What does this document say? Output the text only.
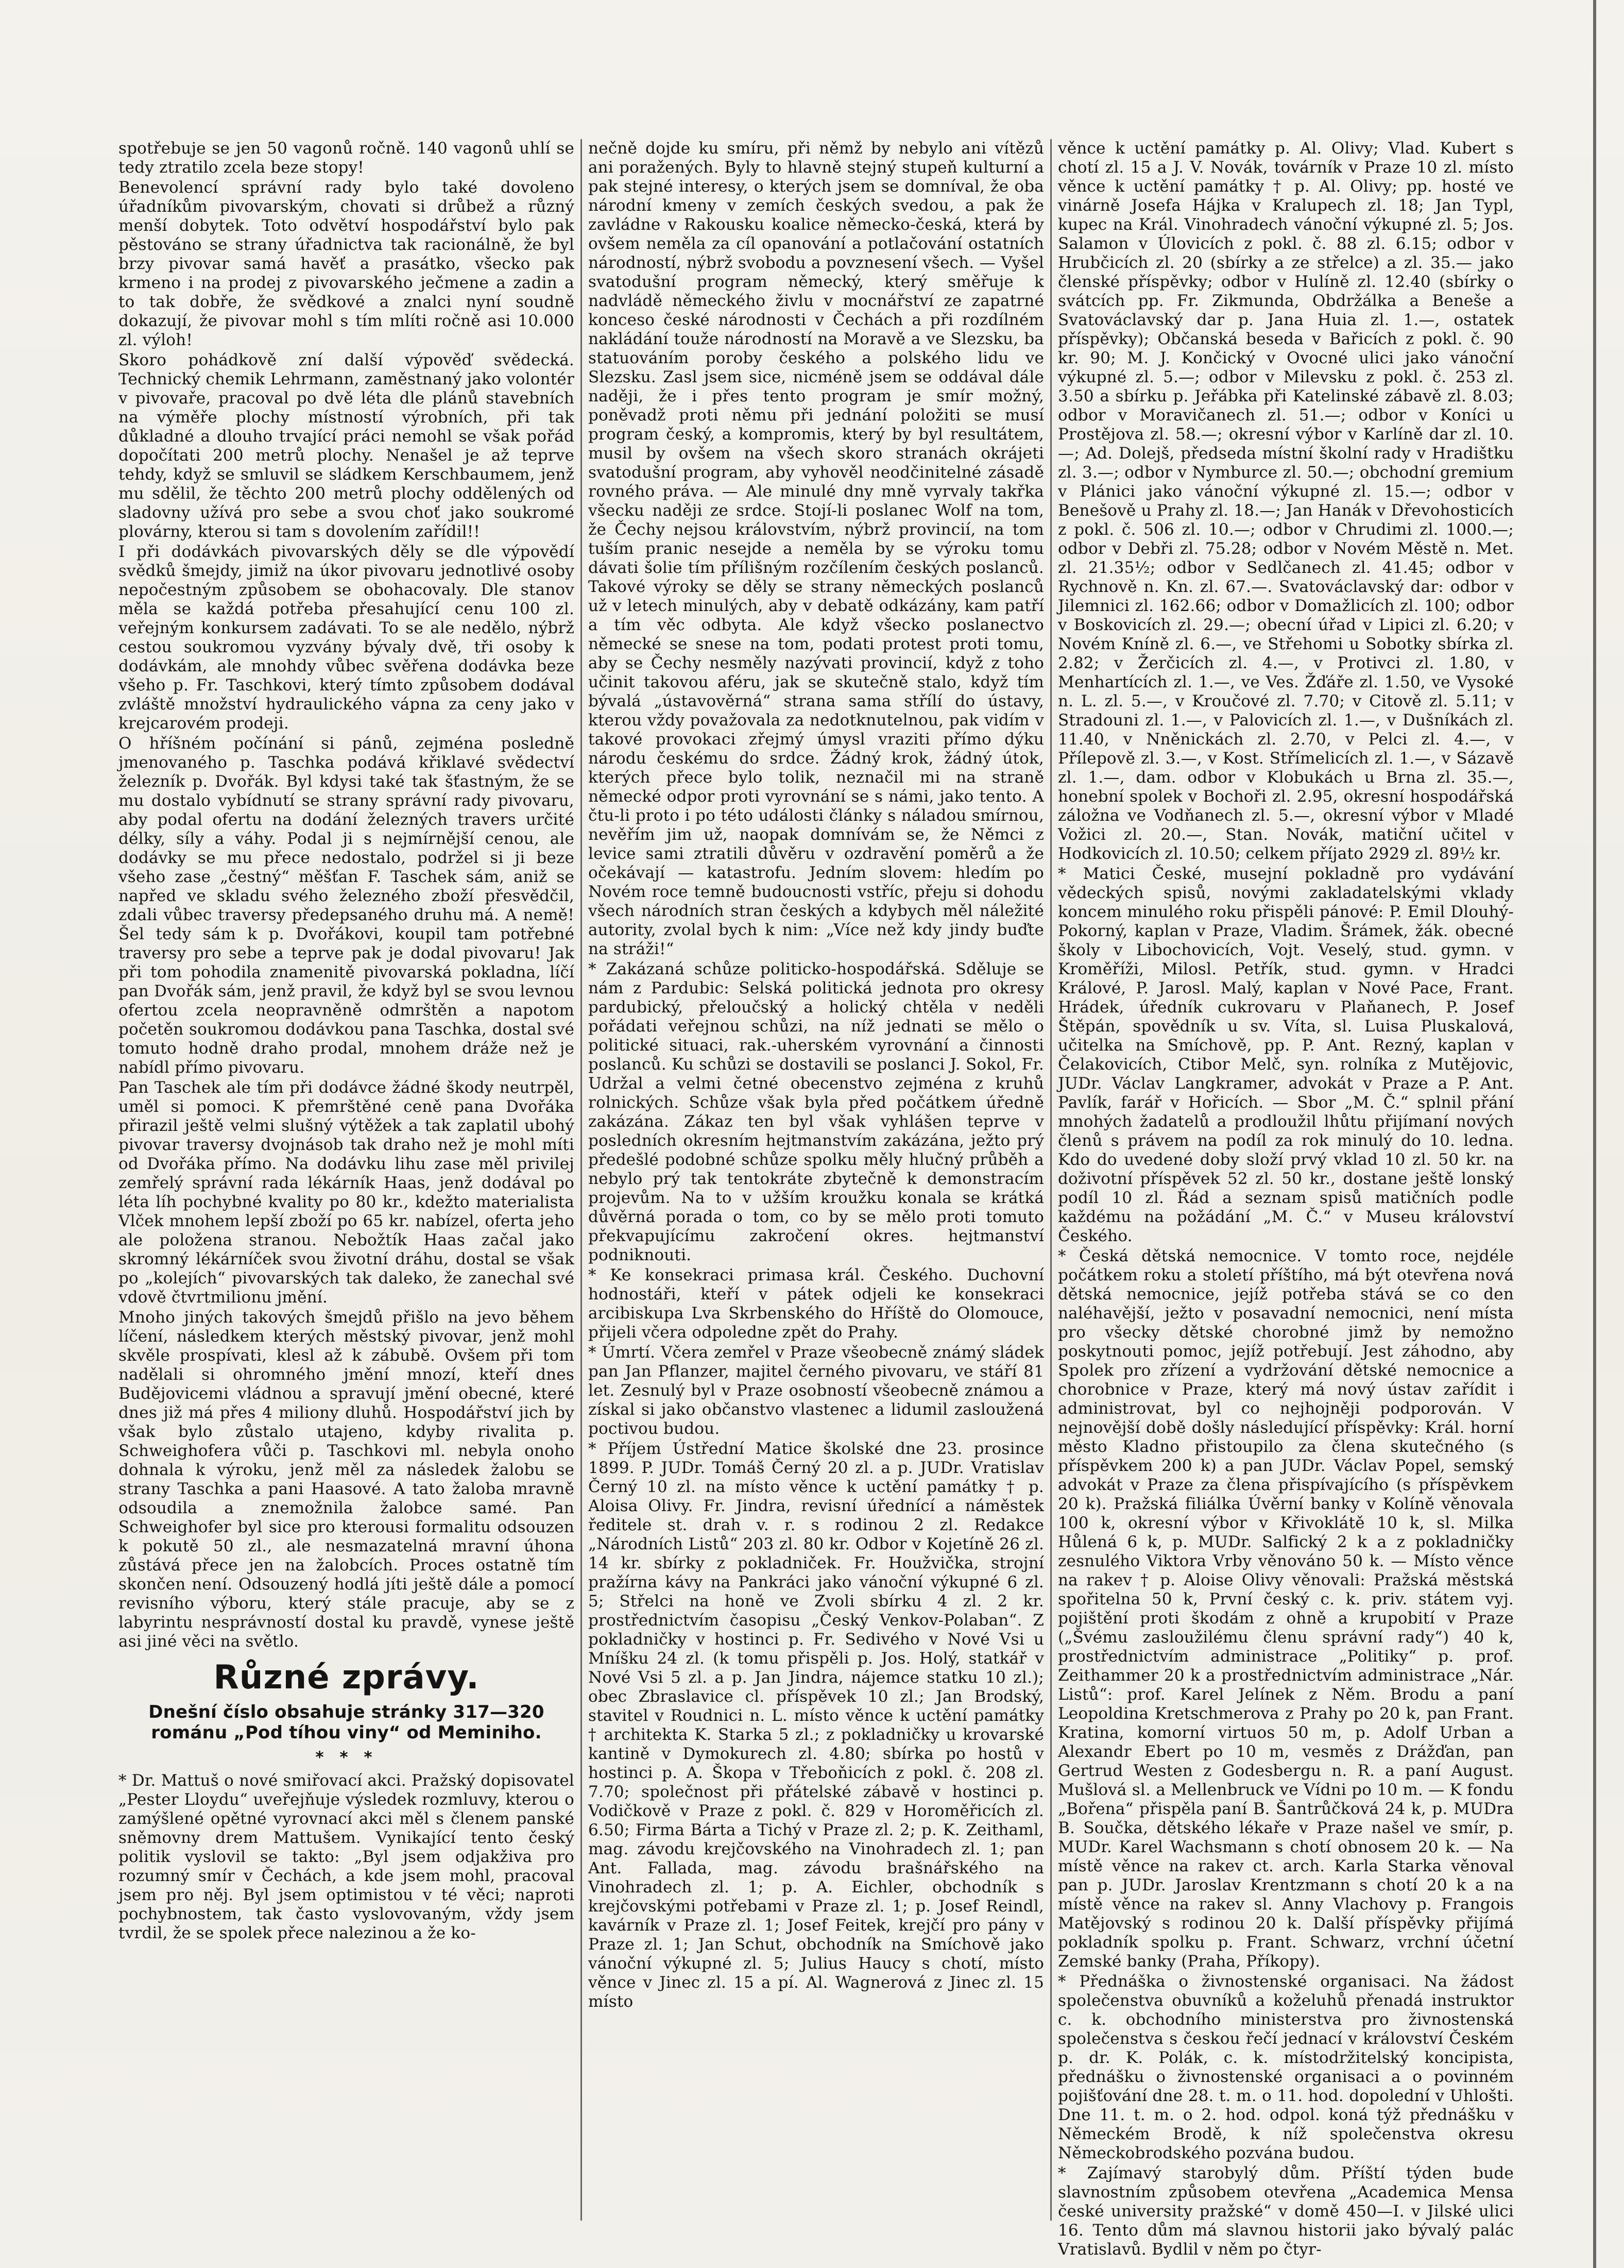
spotřebuje se jen 50 vagonů ročně. 140 vagonů uhlí se tedy ztratilo zcela beze stopy!

Benevolencí správní rady bylo také dovoleno úřadníkům pivovarským, chovati si drůbež a různý menší dobytek. Toto odvětví hospodářství bylo pak pěstováno se strany úřadnictva tak racionálně, že byl brzy pivovar samá havěť a prasátko, všecko pak krmeno i na prodej z pivovarského ječmene a zadin a to tak dobře, že svědkové a znalci nyní soudně dokazují, že pivovar mohl s tím mlíti ročně asi 10.000 zl. výloh!

Skoro pohádkově zní další výpověď svědecká. Technický chemik Lehrmann, zaměstnaný jako volontér v pivovaře, pracoval po dvě léta dle plánů stavebních na výměře plochy místností výrobních, při tak důkladné a dlouho trvající práci nemohl se však pořád dopočítati 200 metrů plochy. Nenašel je až teprve tehdy, když se smluvil se sládkem Kerschbaumem, jenž mu sdělil, že těchto 200 metrů plochy oddělených od sladovny užívá pro sebe a svou choť jako soukromé plovárny, kterou si tam s dovolením zařídil!!

I při dodávkách pivovarských děly se dle výpovědí svědků šmejdy, jimiž na úkor pivovaru jednotlivé osoby nepočestným způsobem se obohacovaly. Dle stanov měla se každá potřeba přesahující cenu 100 zl. veřejným konkursem zadávati. To se ale nedělo, nýbrž cestou soukromou vyzvány bývaly dvě, tři osoby k dodávkám, ale mnohdy vůbec svěřena dodávka beze všeho p. Fr. Taschkovi, který tímto způsobem dodával zvláště množství hydraulického vápna za ceny jako v krejcarovém prodeji.

O hříšném počínání si pánů, zejména posledně jmenovaného p. Taschka podává křiklavé svědectví železník p. Dvořák. Byl kdysi také tak šťastným, že se mu dostalo vybídnutí se strany správní rady pivovaru, aby podal ofertu na dodání železných travers určité délky, síly a váhy. Podal ji s nejmírnější cenou, ale dodávky se mu přece nedostalo, podržel si ji beze všeho zase „čestný“ měšťan F. Taschek sám, aniž se napřed ve skladu svého železného zboží přesvědčil, zdali vůbec traversy předepsaného druhu má. A nemě! Šel tedy sám k p. Dvořákovi, koupil tam potřebné traversy pro sebe a teprve pak je dodal pivovaru! Jak při tom pohodila znamenitě pivovarská pokladna, líčí pan Dvořák sám, jenž pravil, že když byl se svou levnou ofertou zcela neopravněně odmrštěn a napotom početěn soukromou dodávkou pana Taschka, dostal své tomuto hodně draho prodal, mnohem dráže než je nabídl přímo pivovaru.

Pan Taschek ale tím při dodávce žádné škody neutrpěl, uměl si pomoci. K přemrštěné ceně pana Dvořáka přirazil ještě velmi slušný výtěžek a tak zaplatil ubohý pivovar traversy dvojnásob tak draho než je mohl míti od Dvořáka přímo. Na dodávku lihu zase měl privilej zemřelý správní rada lékárník Haas, jenž dodával po léta líh pochybné kvality po 80 kr., kdežto materialista Vlček mnohem lepší zboží po 65 kr. nabízel, oferta jeho ale položena stranou. Nebožtík Haas začal jako skromný lékárníček svou životní dráhu, dostal se však po „kolejích“ pivovarských tak daleko, že zanechal své vdově čtvrtmilionu jmění.

Mnoho jiných takových šmejdů přišlo na jevo během líčení, následkem kterých městský pivovar, jenž mohl skvěle prospívati, klesl až k zábubě. Ovšem při tom nadělali si ohromného jmění mnozí, kteří dnes Budějovicemi vládnou a spravují jmění obecné, které dnes již má přes 4 miliony dluhů. Hospodářství jich by však bylo zůstalo utajeno, kdyby rivalita p. Schweighofera vůči p. Taschkovi ml. nebyla onoho dohnala k výroku, jenž měl za následek žalobu se strany Taschka a pani Haasové. A tato žaloba mravně odsoudila a znemožnila žalobce samé. Pan Schweighofer byl sice pro kterousi formalitu odsouzen k pokutě 50 zl., ale nesmazatelná mravní úhona zůstává přece jen na žalobcích. Proces ostatně tím skončen není. Odsouzený hodlá jíti ještě dále a pomocí revisního výboru, který stále pracuje, aby se z labyrintu nesprávností dostal ku pravdě, vynese ještě asi jiné věci na světlo.

Různé zprávy.
Dnešní číslo obsahuje stránky 317—320 románu „Pod tíhou viny“ od Meminiho.
* * *

* Dr. Mattuš o nové smiřovací akci. Pražský dopisovatel „Pester Lloydu“ uveřejňuje výsledek rozmluvy, kterou o zamýšlené opětné vyrovnací akci měl s členem panské sněmovny drem Mattušem. Vynikající tento český politik vyslovil se takto: „Byl jsem odjakživa pro rozumný smír v Čechách, a kde jsem mohl, pracoval jsem pro něj. Byl jsem optimistou v té věci; naproti pochybnostem, tak často vyslovovaným, vždy jsem tvrdil, že se spolek přece nalezinou a že ko-

nečně dojde ku smíru, při němž by nebylo ani vítězů ani poražených. Byly to hlavně stejný stupeň kulturní a pak stejné interesy, o kterých jsem se domníval, že oba národní kmeny v zemích českých svedou, a pak že zavládne v Rakousku koalice německo-česká, která by ovšem neměla za cíl opanování a potlačování ostatních národností, nýbrž svobodu a povznesení všech. — Vyšel svatodušní program německý, který směřuje k nadvládě německého živlu v mocnářství ze zapatrné konceso české národnosti v Čechách a při rozdílném nakládání touže národností na Moravě a ve Slezsku, ba statuováním poroby českého a polského lidu ve Slezsku. Zasl jsem sice, nicméně jsem se oddával dále naději, že i přes tento program je smír možný, poněvadž proti němu při jednání položiti se musí program český, a kompromis, který by byl resultátem, musil by ovšem na všech skoro stranách okrájeti svatodušní program, aby vyhověl neodčinitelné zásadě rovného práva. — Ale minulé dny mně vyrvaly takřka všecku naději ze srdce. Stojí-li poslanec Wolf na tom, že Čechy nejsou královstvím, nýbrž provincií, na tom tuším pranic nesejde a neměla by se výroku tomu dávati šolie tím přílišným rozčílením českých poslanců. Takové výroky se děly se strany německých poslanců už v letech minulých, aby v debatě odkázány, kam patří a tím věc odbyta. Ale když všecko poslanectvo německé se snese na tom, podati protest proti tomu, aby se Čechy nesměly nazývati provincií, když z toho učinit takovou aféru, jak se skutečně stalo, když tím bývalá „ústavověrná“ strana sama střílí do ústavy, kterou vždy považovala za nedotknutelnou, pak vidím v takové provokaci zřejmý úmysl vraziti přímo dýku národu českému do srdce. Žádný krok, žádný útok, kterých přece bylo tolik, neznačil mi na straně německé odpor proti vyrovnání se s námi, jako tento. A čtu-li proto i po této události články s náladou smírnou, nevěřím jim už, naopak domnívám se, že Němci z levice sami ztratili důvěru v ozdravění poměrů a že očekávají — katastrofu. Jedním slovem: hledím po Novém roce temně budoucnosti vstříc, přeju si dohodu všech národních stran českých a kdybych měl náležité autority, zvolal bych k nim: „Více než kdy jindy buďte na stráži!“

* Zakázaná schůze politicko-hospodářská. Sděluje se nám z Pardubic: Selská politická jednota pro okresy pardubický, přeloučský a holický chtěla v neděli pořádati veřejnou schůzi, na níž jednati se mělo o politické situaci, rak.-uherském vyrovnání a činnosti poslanců. Ku schůzi se dostavili se poslanci J. Sokol, Fr. Udržal a velmi četné obecenstvo zejména z kruhů rolnických. Schůze však byla před počátkem úředně zakázána. Zákaz ten byl však vyhlášen teprve v posledních okresním hejtmanstvím zakázána, ježto prý předešlé podobné schůze spolku měly hlučný průběh a nebylo prý tak tentokráte zbytečně k demonstracím projevům. Na to v užším kroužku konala se krátká důvěrná porada o tom, co by se mělo proti tomuto překvapujícímu zakročení okres. hejtmanství podniknouti.

* Ke konsekraci primasa král. Českého. Duchovní hodnostáři, kteří v pátek odjeli ke konsekraci arcibiskupa Lva Skrbenského do Hříště do Olomouce, přijeli včera odpoledne zpět do Prahy.

* Úmrtí. Včera zemřel v Praze všeobecně známý sládek pan Jan Pflanzer, majitel černého pivovaru, ve stáří 81 let. Zesnulý byl v Praze osobností všeobecně známou a získal si jako občanstvo vlastenec a lidumil zasloužená poctivou budou.

* Příjem Ústřední Matice školské dne 23. prosince 1899. P. JUDr. Tomáš Černý 20 zl. a p. JUDr. Vratislav Černý 10 zl. na místo věnce k uctění památky † p. Aloisa Olivy. Fr. Jindra, revisní úřednící a náměstek ředitele st. drah v. r. s rodinou 2 zl. Redakce „Národních Listů“ 203 zl. 80 kr. Odbor v Kojetíně 26 zl. 14 kr. sbírky z pokladniček. Fr. Houžvička, strojní pražírna kávy na Pankráci jako vánoční výkupné 6 zl. 5; Střelci na honě ve Zvoli sbírku 4 zl. 2 kr. prostřednictvím časopisu „Český Venkov-Polaban“. Z pokladničky v hostinci p. Fr. Sedivého v Nové Vsi u Mníšku 24 zl. (k tomu přispěli p. Jos. Holý, statkář v Nové Vsi 5 zl. a p. Jan Jindra, nájemce statku 10 zl.); obec Zbraslavice cl. příspěvek 10 zl.; Jan Brodský, stavitel v Roudnici n. L. místo věnce k uctění památky † architekta K. Starka 5 zl.; z pokladničky u krovarské kantině v Dymokurech zl. 4.80; sbírka po hostů v hostinci p. A. Škopa v Třeboňicích z pokl. č. 208 zl. 7.70; společnost při přátelské zábavě v hostinci p. Vodičkově v Praze z pokl. č. 829 v Horoměřicích zl. 6.50; Firma Bárta a Tichý v Praze zl. 2; p. K. Zeithaml, mag. závodu krejčovského na Vinohradech zl. 1; pan Ant. Fallada, mag. závodu brašnářského na Vinohradech zl. 1; p. A. Eichler, obchodník s krejčovskými potřebami v Praze zl. 1; p. Josef Reindl, kavárník v Praze zl. 1; Josef Feitek, krejčí pro pány v Praze zl. 1; Jan Schut, obchodník na Smíchově jako vánoční výkupné zl. 5; Julius Haucy s chotí, místo věnce v Jinec zl. 15 a pí. Al. Wagnerová z Jinec zl. 15 místo

věnce k uctění památky p. Al. Olivy; Vlad. Kubert s chotí zl. 15 a J. V. Novák, továrník v Praze 10 zl. místo věnce k uctění památky † p. Al. Olivy; pp. hosté ve vinárně Josefa Hájka v Kralupech zl. 18; Jan Typl, kupec na Král. Vinohradech vánoční výkupné zl. 5; Jos. Salamon v Úlovicích z pokl. č. 88 zl. 6.15; odbor v Hrubčicích zl. 20 (sbírky a ze střelce) a zl. 35.— jako členské příspěvky; odbor v Hulíně zl. 12.40 (sbírky o svátcích pp. Fr. Zikmunda, Obdržálka a Beneše a Svatováclavský dar p. Jana Huia zl. 1.—, ostatek příspěvky); Občanská beseda v Bařicích z pokl. č. 90 kr. 90; M. J. Končický v Ovocné ulici jako vánoční výkupné zl. 5.—; odbor v Milevsku z pokl. č. 253 zl. 3.50 a sbírku p. Jeřábka při Katelinské zábavě zl. 8.03; odbor v Moravičanech zl. 51.—; odbor v Koníci u Prostějova zl. 58.—; okresní výbor v Karlíně dar zl. 10.—; Ad. Dolejš, předseda místní školní rady v Hradištku zl. 3.—; odbor v Nymburce zl. 50.—; obchodní gremium v Plánici jako vánoční výkupné zl. 15.—; odbor v Benešově u Prahy zl. 18.—; Jan Hanák v Dřevohosticích z pokl. č. 506 zl. 10.—; odbor v Chrudimi zl. 1000.—; odbor v Debři zl. 75.28; odbor v Novém Městě n. Met. zl. 21.35½; odbor v Sedlčanech zl. 41.45; odbor v Rychnově n. Kn. zl. 67.—. Svatováclavský dar: odbor v Jilemnici zl. 162.66; odbor v Domažlicích zl. 100; odbor v Boskovicích zl. 29.—; obecní úřad v Lipici zl. 6.20; v Novém Kníně zl. 6.—, ve Střehomi u Sobotky sbírka zl. 2.82; v Žerčicích zl. 4.—, v Protivci zl. 1.80, v Menhartících zl. 1.—, ve Ves. Žďáře zl. 1.50, ve Vysoké n. L. zl. 5.—, v Kroučové zl. 7.70; v Citově zl. 5.11; v Stradouni zl. 1.—, v Palovicích zl. 1.—, v Dušníkách zl. 11.40, v Nněnickách zl. 2.70, v Pelci zl. 4.—, v Přílepově zl. 3.—, v Kost. Střímelicích zl. 1.—, v Sázavě zl. 1.—, dam. odbor v Klobukách u Brna zl. 35.—, honební spolek v Bochoři zl. 2.95, okresní hospodářská záložna ve Vodňanech zl. 5.—, okresní výbor v Mladé Vožici zl. 20.—, Stan. Novák, matiční učitel v Hodkovicích zl. 10.50; celkem příjato 2929 zl. 89½ kr.

* Matici České, musejní pokladně pro vydávání vědeckých spisů, novými zakladatelskými vklady koncem minulého roku přispěli pánové: P. Emil Dlouhý-Pokorný, kaplan v Praze, Vladim. Šrámek, žák. obecné školy v Libochovicích, Vojt. Veselý, stud. gymn. v Kroměříži, Milosl. Petřík, stud. gymn. v Hradci Králové, P. Jarosl. Malý, kaplan v Nové Pace, Frant. Hrádek, úředník cukrovaru v Plaňanech, P. Josef Štěpán, spovědník u sv. Víta, sl. Luisa Pluskalová, učitelka na Smíchově, pp. P. Ant. Rezný, kaplan v Čelakovicích, Ctibor Melč, syn. rolníka z Mutějovic, JUDr. Václav Langkramer, advokát v Praze a P. Ant. Pavlík, farář v Hořicích. — Sbor „M. Č.“ splnil přání mnohých žadatelů a prodloužil lhůtu přijímaní nových členů s právem na podíl za rok minulý do 10. ledna. Kdo do uvedené doby složí prvý vklad 10 zl. 50 kr. na doživotní příspěvek 52 zl. 50 kr., dostane ještě lonský podíl 10 zl. Řád a seznam spisů matičních podle každému na požádání „M. Č.“ v Museu království Českého.

* Česká dětská nemocnice. V tomto roce, nejdéle počátkem roku a století příštího, má být otevřena nová dětská nemocnice, jejíž potřeba stává se co den naléhavější, ježto v posavadní nemocnici, není místa pro všecky dětské chorobné jimž by nemožno poskytnouti pomoc, jejíž potřebují. Jest záhodno, aby Spolek pro zřízení a vydržování dětské nemocnice a chorobnice v Praze, který má nový ústav zařídit i administrovat, byl co nejhojněji podporován. V nejnovější době došly následující příspěvky: Král. horní město Kladno přistoupilo za člena skutečného (s příspěvkem 200 k) a pan JUDr. Václav Popel, semský advokát v Praze za člena přispívajícího (s příspěvkem 20 k). Pražská filiálka Úvěrní banky v Kolíně věnovala 100 k, okresní výbor v Křivoklátě 10 k, sl. Milka Hůlená 6 k, p. MUDr. Salfický 2 k a z pokladničky zesnulého Viktora Vrby věnováno 50 k. — Místo věnce na rakev † p. Aloise Olivy věnovali: Pražská městská spořitelna 50 k, První český c. k. priv. státem vyj. pojištění proti škodám z ohně a krupobití v Praze („Švému zasloužilému členu správní rady“) 40 k, prostřednictvím administrace „Politiky“ p. prof. Zeithammer 20 k a prostřednictvím administrace „Nár. Listů“: prof. Karel Jelínek z Něm. Brodu a paní Leopoldina Kretschmerova z Prahy po 20 k, pan Frant. Kratina, komorní virtuos 50 m, p. Adolf Urban a Alexandr Ebert po 10 m, vesměs z Drážďan, pan Gertrud Westen z Godesbergu n. R. a paní August. Mušlová sl. a Mellenbruck ve Vídni po 10 m. — K fondu „Bořena“ přispěla paní B. Šantrůčková 24 k, p. MUDra B. Součka, dětského lékaře v Praze našel ve smír, p. MUDr. Karel Wachsmann s chotí obnosem 20 k. — Na místě věnce na rakev ct. arch. Karla Starka věnoval pan p. JUDr. Jaroslav Krentzmann s chotí 20 k a na místě věnce na rakev sl. Anny Vlachovy p. Frangois Matějovský s rodinou 20 k. Další příspěvky přijímá pokladník spolku p. Frant. Schwarz, vrchní účetní Zemské banky (Praha, Příkopy).

* Přednáška o živnostenské organisaci. Na žádost společenstva obuvníků a koželuhů přenadá instruktor c. k. obchodního ministerstva pro živnostenská společenstva s českou řečí jednací v království Českém p. dr. K. Polák, c. k. místodržitelský koncipista, přednášku o živnostenské organisaci a o povinném pojišťování dne 28. t. m. o 11. hod. dopolední v Uhlošti. Dne 11. t. m. o 2. hod. odpol. koná týž přednášku v Německém Brodě, k níž společenstva okresu Německobrodského pozvána budou.

* Zajímavý starobylý dům. Příští týden bude slavnostním způsobem otevřena „Academica Mensa české university pražské“ v domě 450—I. v Jilské ulici 16. Tento dům má slavnou historii jako bývalý palác Vratislavů. Bydlil v něm po čtyr-
